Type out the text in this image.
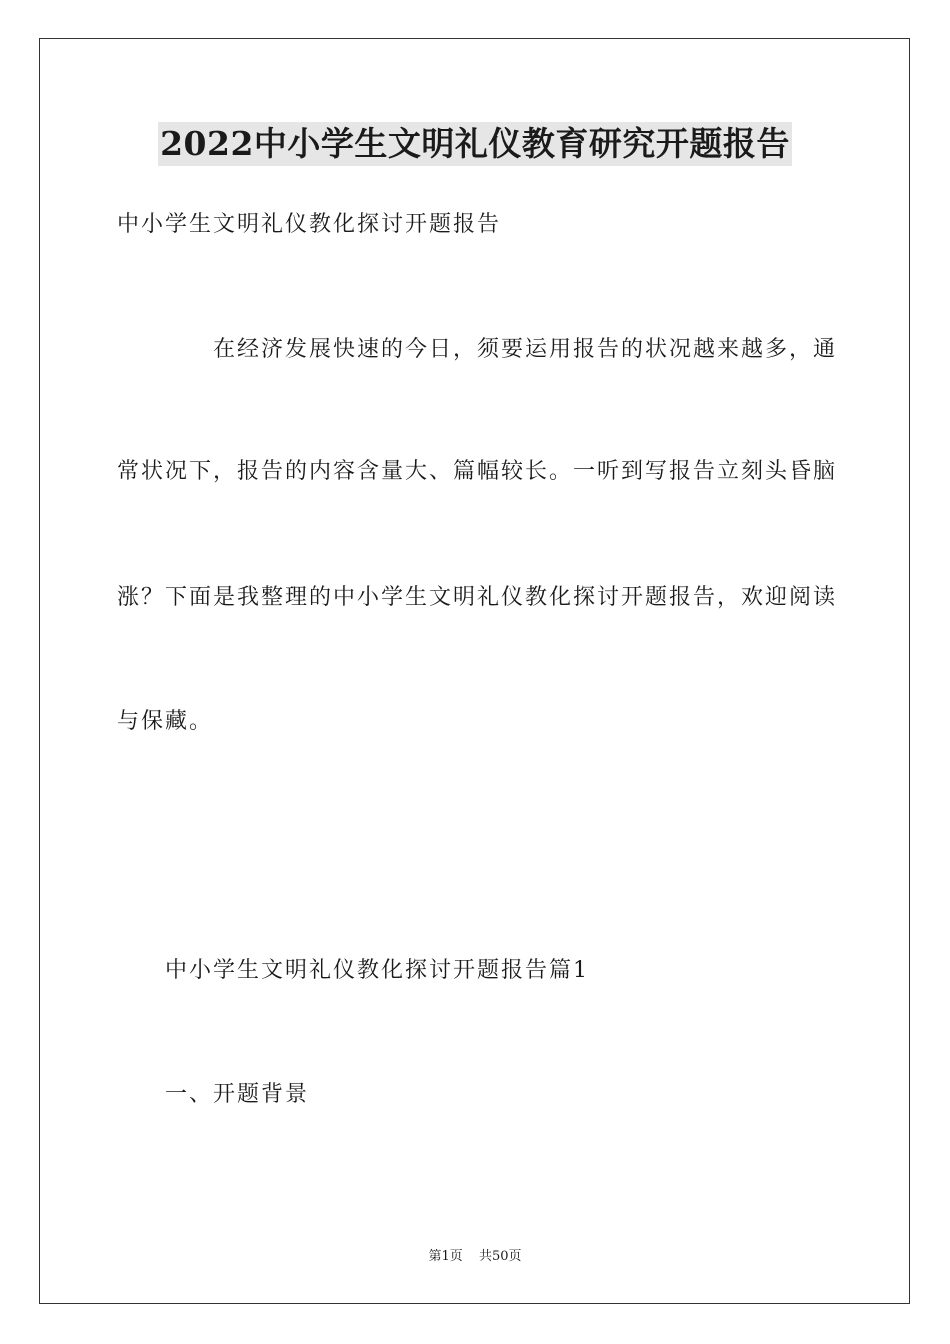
2022中小学生文明礼仪教育研究开题报告

中小学生文明礼仪教化探讨开题报告

在经济发展快速的今日，须要运用报告的状况越来越多，通

常状况下，报告的内容含量大、篇幅较长。一听到写报告立刻头昏脑

涨？下面是我整理的中小学生文明礼仪教化探讨开题报告，欢迎阅读

与保藏。

中小学生文明礼仪教化探讨开题报告篇1

一、开题背景

第1页 共50页
